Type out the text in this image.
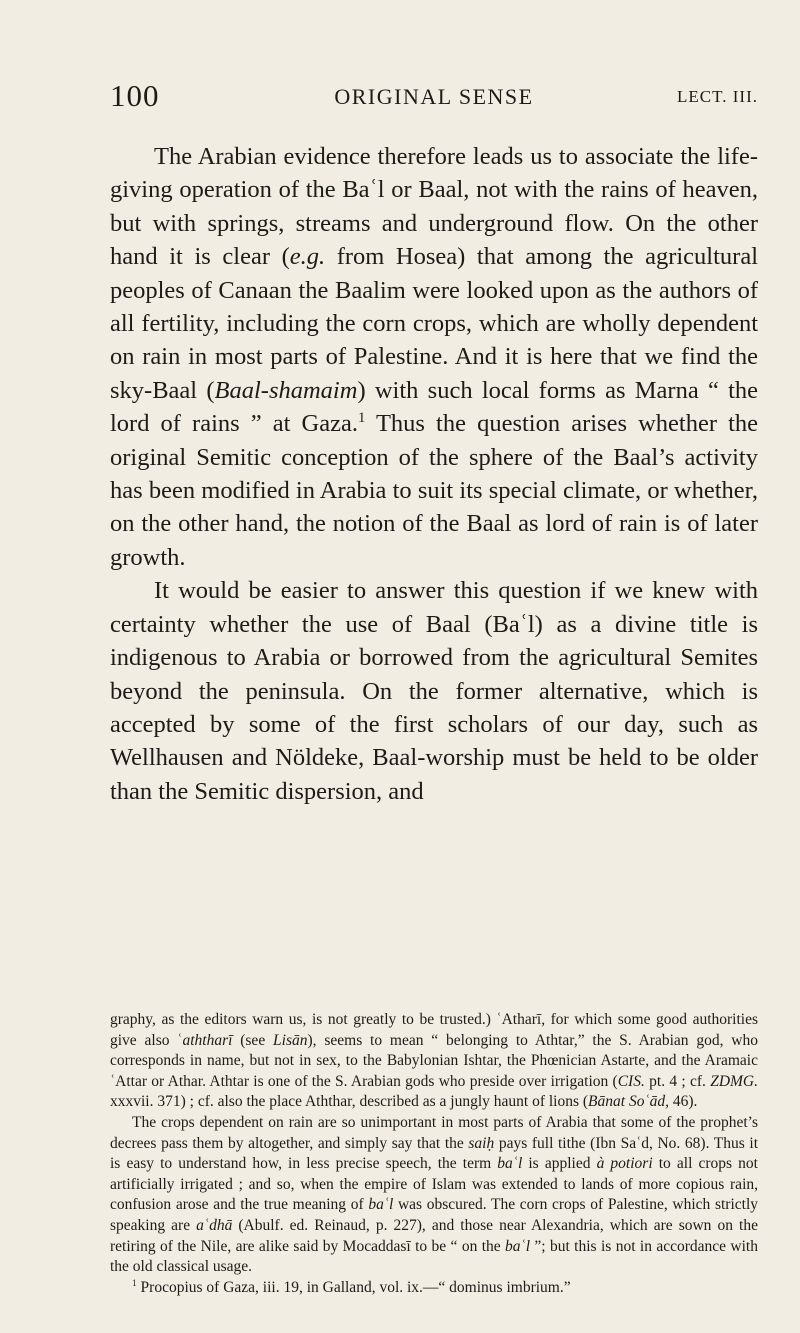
100	ORIGINAL SENSE	LECT. III.

The Arabian evidence therefore leads us to associate the life-giving operation of the Baʿl or Baal, not with the rains of heaven, but with springs, streams and underground flow. On the other hand it is clear (e.g. from Hosea) that among the agricultural peoples of Canaan the Baalim were looked upon as the authors of all fertility, including the corn crops, which are wholly dependent on rain in most parts of Palestine. And it is here that we find the sky-Baal (Baal-shamaim) with such local forms as Marna “ the lord of rains ” at Gaza.$^1$ Thus the question arises whether the original Semitic conception of the sphere of the Baal’s activity has been modified in Arabia to suit its special climate, or whether, on the other hand, the notion of the Baal as lord of rain is of later growth.

It would be easier to answer this question if we knew with certainty whether the use of Baal (Baʿl) as a divine title is indigenous to Arabia or borrowed from the agricultural Semites beyond the peninsula. On the former alternative, which is accepted by some of the first scholars of our day, such as Wellhausen and Nöldeke, Baal-worship must be held to be older than the Semitic dispersion, and

graphy, as the editors warn us, is not greatly to be trusted.) ʿAtharī, for which some good authorities give also ʿaththarī (see Lisān), seems to mean “ belonging to Athtar,” the S. Arabian god, who corresponds in name, but not in sex, to the Babylonian Ishtar, the Phœnician Astarte, and the Aramaic ʿAttar or Athar. Athtar is one of the S. Arabian gods who preside over irrigation (CIS. pt. 4 ; cf. ZDMG. xxxvii. 371) ; cf. also the place Aththar, described as a jungly haunt of lions (Bānat Soʿād, 46).

The crops dependent on rain are so unimportant in most parts of Arabia that some of the prophet’s decrees pass them by altogether, and simply say that the saiḥ pays full tithe (Ibn Saʿd, No. 68). Thus it is easy to understand how, in less precise speech, the term baʿl is applied à potiori to all crops not artificially irrigated ; and so, when the empire of Islam was extended to lands of more copious rain, confusion arose and the true meaning of baʿl was obscured. The corn crops of Palestine, which strictly speaking are aʿdhā (Abulf. ed. Reinaud, p. 227), and those near Alexandria, which are sown on the retiring of the Nile, are alike said by Mocaddasī to be “ on the baʿl ”; but this is not in accordance with the old classical usage.

$^1$ Procopius of Gaza, iii. 19, in Galland, vol. ix.—“ dominus imbrium.”
